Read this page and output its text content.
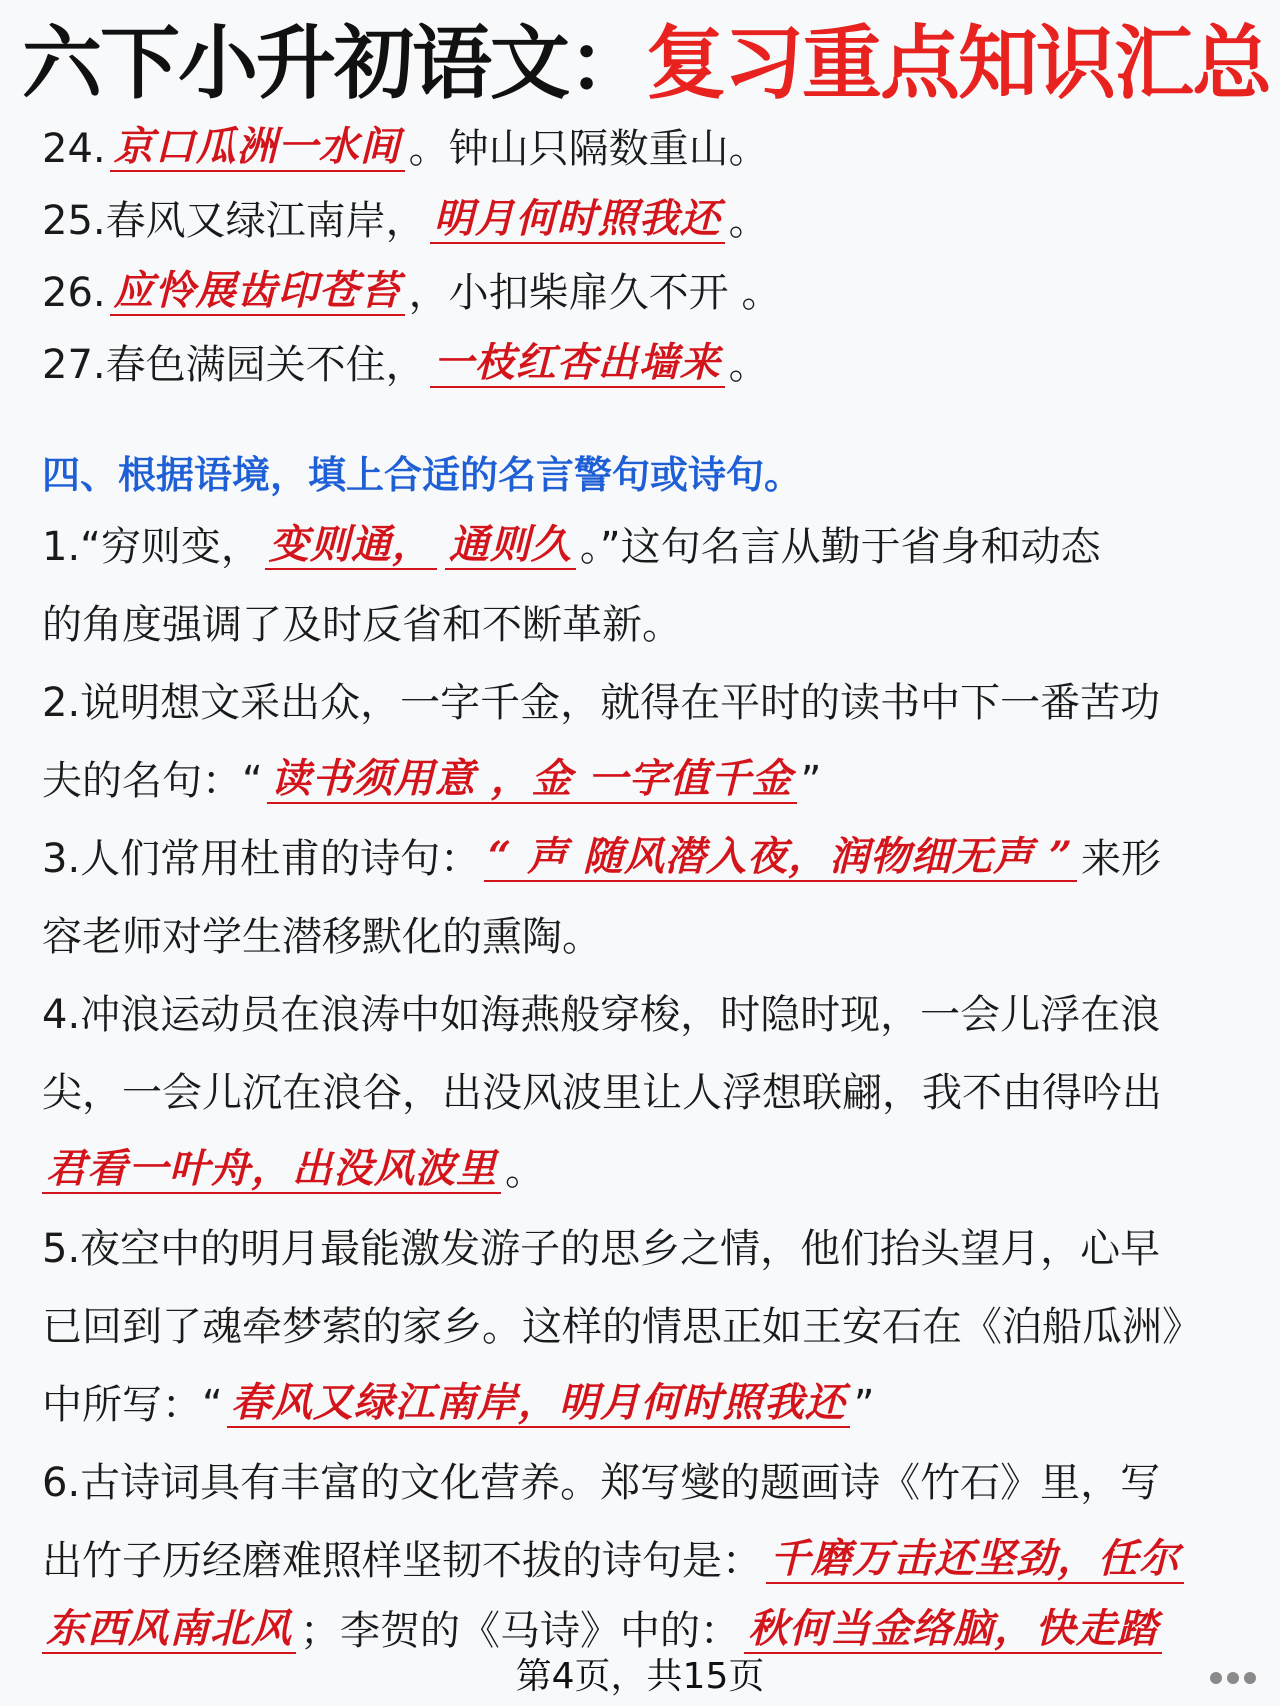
六下小升初语文： 复习重点知识汇总
24. 京口瓜洲一水间 。钟山只隔数重山。
25.春风又绿江南岸， 明月何时照我还 。
26. 应怜展齿印苍苔 ，小扣柴扉久不开 。
27.春色满园关不住， 一枝红杏出墙来 。
四、根据语境，填上合适的名言警句或诗句。
1.“穷则变， 变则通， 通则久 。”这句名言从勤于省身和动态
的角度强调了及时反省和不断革新。
2.说明想文采出众，一字千金，就得在平时的读书中下一番苦功
夫的名句：“ 读书须用意 ，金 一字值千金 ”
3.人们常用杜甫的诗句： “ 声 随风潜入夜，润物细无声 ” 来形
容老师对学生潜移默化的熏陶。
4.冲浪运动员在浪涛中如海燕般穿梭，时隐时现，一会儿浮在浪
尖，一会儿沉在浪谷，出没风波里让人浮想联翩，我不由得吟出
君看一叶舟，出没风波里 。
5.夜空中的明月最能激发游子的思乡之情，他们抬头望月，心早
已回到了魂牵梦萦的家乡。这样的情思正如王安石在《泊船瓜洲》
中所写：“ 春风又绿江南岸，明月何时照我还 ”
6.古诗词具有丰富的文化营养。郑写燮的题画诗《竹石》里，写
出竹子历经磨难照样坚韧不拔的诗句是： 千磨万击还坚劲，任尔
东西风南北风 ；李贺的《马诗》中的： 秋何当金络脑，快走踏
第4页，共15页
